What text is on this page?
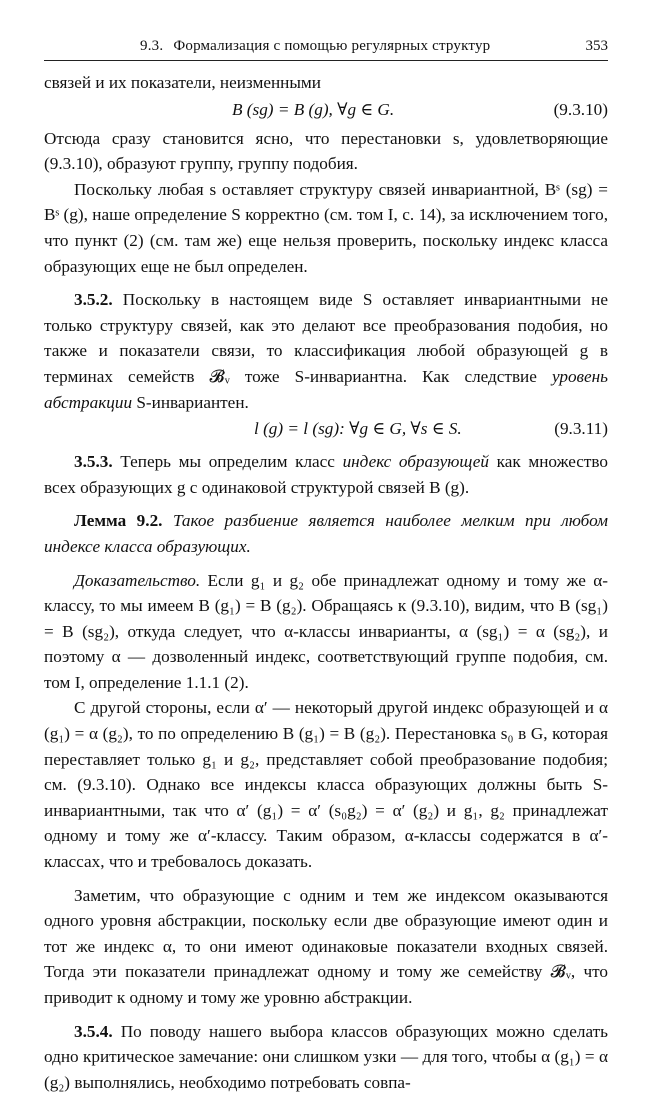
9.3. Формализация с помощью регулярных структур	353

связей и их показатели, неизменными

B (sg) = B (g), ∀g ∈ G.	(9.3.10)

Отсюда сразу становится ясно, что перестановки s, удовлетворяющие (9.3.10), образуют группу, группу подобия.

Поскольку любая s оставляет структуру связей инвариантной, Bˢ (sg) = Bˢ (g), наше определение S корректно (см. том I, с. 14), за исключением того, что пункт (2) (см. там же) еще нельзя проверить, поскольку индекс класса образующих еще не был определен.

3.5.2. Поскольку в настоящем виде S оставляет инвариантными не только структуру связей, как это делают все преобразования подобия, но также и показатели связи, то классификация любой образующей g в терминах семейств 𝓑ᵥ тоже S-инвариантна. Как следствие уровень абстракции S-инвариантен.

l (g) = l (sg): ∀g ∈ G, ∀s ∈ S.	(9.3.11)

3.5.3. Теперь мы определим класс индекс образующей как множество всех образующих g с одинаковой структурой связей B (g).

Лемма 9.2. Такое разбиение является наиболее мелким при любом индексе класса образующих.

Доказательство. Если g₁ и g₂ обе принадлежат одному и тому же α-классу, то мы имеем B (g₁) = B (g₂). Обращаясь к (9.3.10), видим, что B (sg₁) = B (sg₂), откуда следует, что α-классы инварианты, α (sg₁) = α (sg₂), и поэтому α — дозволенный индекс, соответствующий группе подобия, см. том I, определение 1.1.1 (2).

С другой стороны, если α′ — некоторый другой индекс образующей и α (g₁) = α (g₂), то по определению B (g₁) = B (g₂). Перестановка s₀ в G, которая переставляет только g₁ и g₂, представляет собой преобразование подобия; см. (9.3.10). Однако все индексы класса образующих должны быть S-инвариантными, так что α′ (g₁) = α′ (s₀g₂) = α′ (g₂) и g₁, g₂ принадлежат одному и тому же α′-классу. Таким образом, α-классы содержатся в α′-классах, что и требовалось доказать.

Заметим, что образующие с одним и тем же индексом оказываются одного уровня абстракции, поскольку если две образующие имеют один и тот же индекс α, то они имеют одинаковые показатели входных связей. Тогда эти показатели принадлежат одному и тому же семейству 𝓑ᵥ, что приводит к одному и тому же уровню абстракции.

3.5.4. По поводу нашего выбора классов образующих можно сделать одно критическое замечание: они слишком узки — для того, чтобы α (g₁) = α (g₂) выполнялись, необходимо потребовать совпа-
